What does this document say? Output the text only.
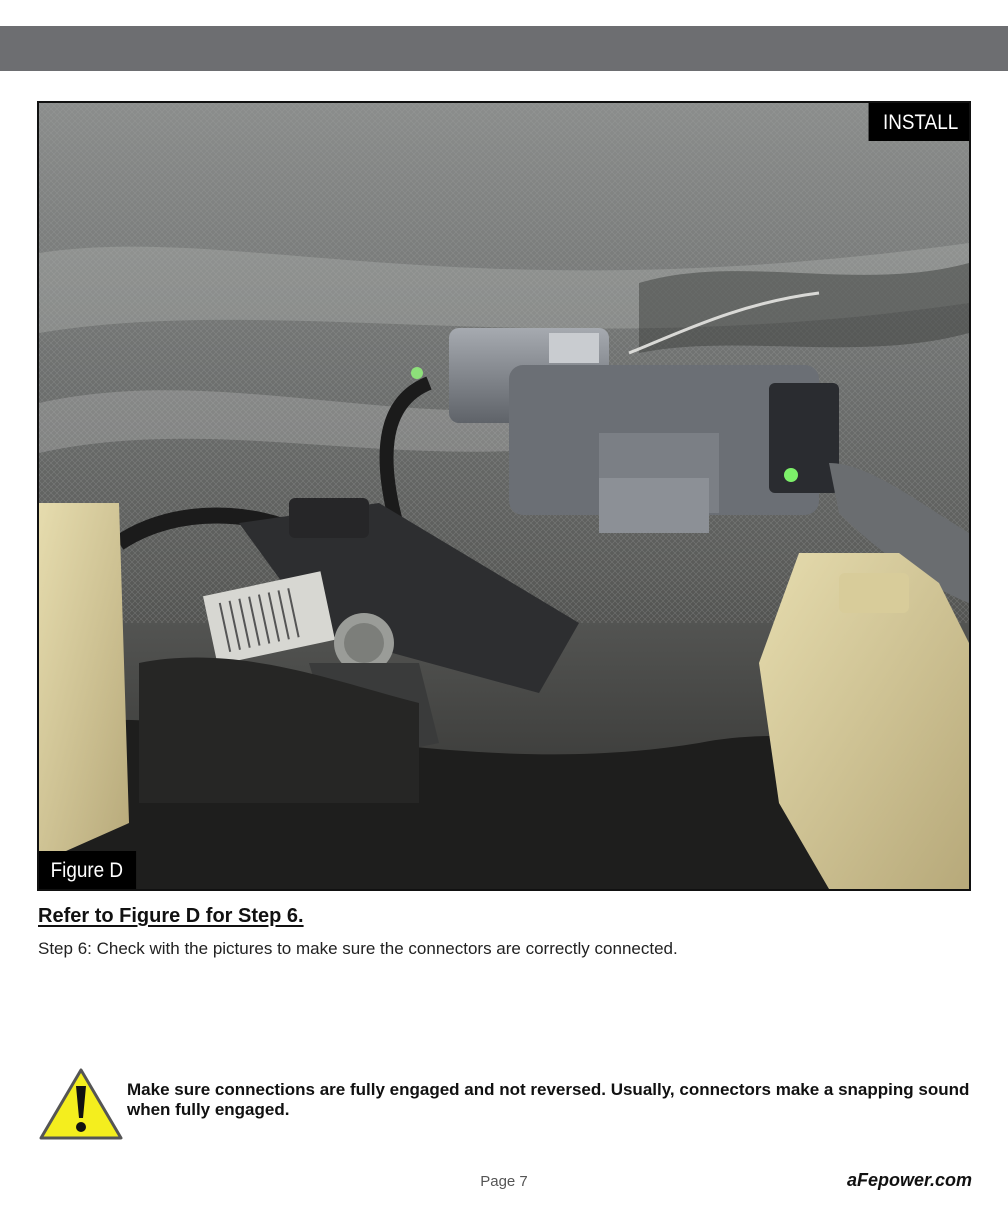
INSTALL
Figure D
Refer to Figure D for Step 6.

Step 6: Check with the pictures to make sure the connectors are correctly connected.

Make sure connections are fully engaged and not reversed. Usually, connectors make a snapping sound when fully engaged.

Page 7	aFepower.com
